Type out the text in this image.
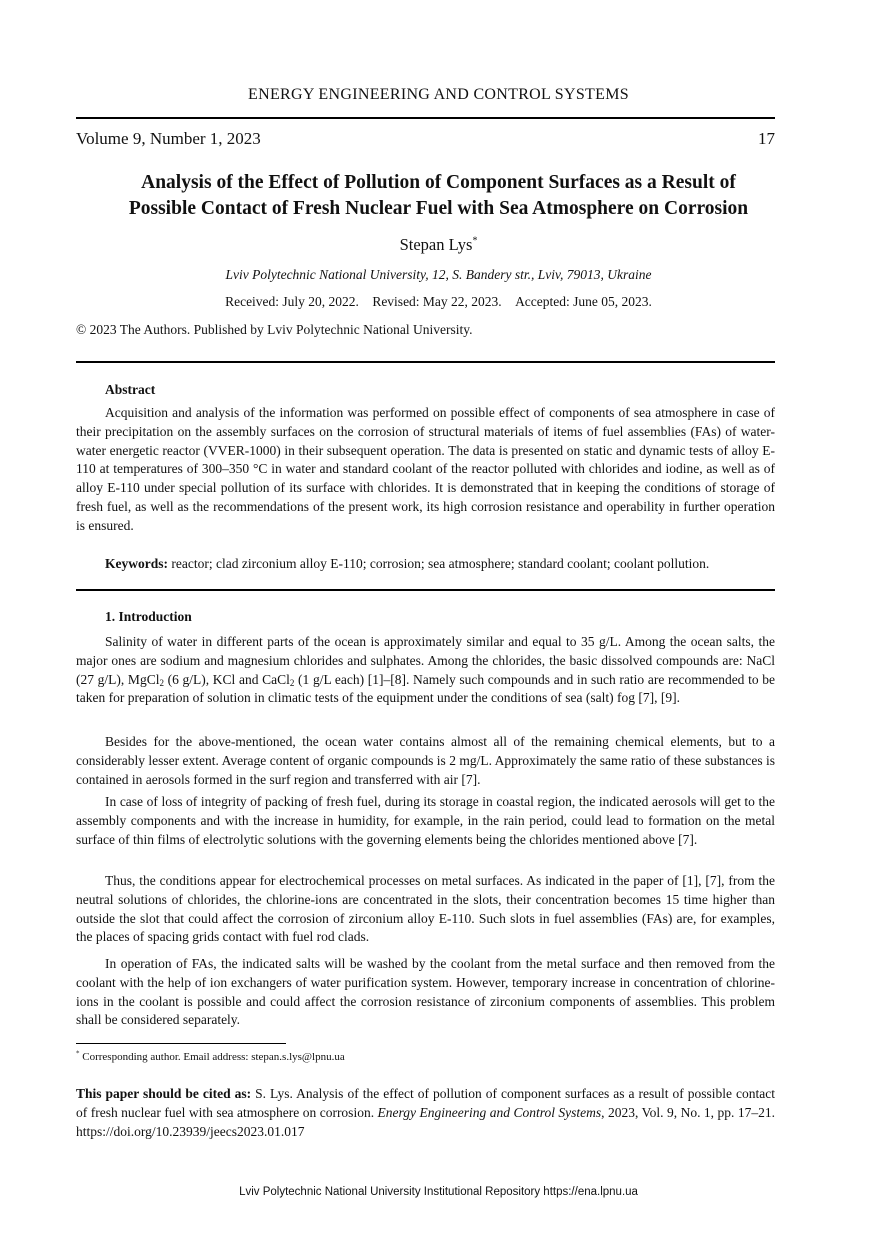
ENERGY ENGINEERING AND CONTROL SYSTEMS
Volume 9, Number 1, 2023	17
Analysis of the Effect of Pollution of Component Surfaces as a Result of
Possible Contact of Fresh Nuclear Fuel with Sea Atmosphere on Corrosion
Stepan Lys*
Lviv Polytechnic National University, 12, S. Bandery str., Lviv, 79013, Ukraine
Received: July 20, 2022. Revised: May 22, 2023. Accepted: June 05, 2023.
© 2023 The Authors. Published by Lviv Polytechnic National University.
Abstract
Acquisition and analysis of the information was performed on possible effect of components of sea atmosphere in case of their precipitation on the assembly surfaces on the corrosion of structural materials of items of fuel assemblies (FAs) of water-water energetic reactor (VVER-1000) in their subsequent operation. The data is presented on static and dynamic tests of alloy E-110 at temperatures of 300–350 °C in water and standard coolant of the reactor polluted with chlorides and iodine, as well as of alloy E-110 under special pollution of its surface with chlorides. It is demonstrated that in keeping the conditions of storage of fresh fuel, as well as the recommendations of the present work, its high corrosion resistance and operability in further operation is ensured.
Keywords: reactor; clad zirconium alloy E-110; corrosion; sea atmosphere; standard coolant; coolant pollution.
1. Introduction
Salinity of water in different parts of the ocean is approximately similar and equal to 35 g/L. Among the ocean salts, the major ones are sodium and magnesium chlorides and sulphates. Among the chlorides, the basic dissolved compounds are: NaCl (27 g/L), MgCl$_2$ (6 g/L), KCl and CaCl$_2$ (1 g/L each) [1]–[8]. Namely such compounds and in such ratio are recommended to be taken for preparation of solution in climatic tests of the equipment under the conditions of sea (salt) fog [7], [9].
Besides for the above-mentioned, the ocean water contains almost all of the remaining chemical elements, but to a considerably lesser extent. Average content of organic compounds is 2 mg/L. Approximately the same ratio of these substances is contained in aerosols formed in the surf region and transferred with air [7].
In case of loss of integrity of packing of fresh fuel, during its storage in coastal region, the indicated aerosols will get to the assembly components and with the increase in humidity, for example, in the rain period, could lead to formation on the metal surface of thin films of electrolytic solutions with the governing elements being the chlorides mentioned above [7].
Thus, the conditions appear for electrochemical processes on metal surfaces. As indicated in the paper of [1], [7], from the neutral solutions of chlorides, the chlorine-ions are concentrated in the slots, their concentration becomes 15 time higher than outside the slot that could affect the corrosion of zirconium alloy E-110. Such slots in fuel assemblies (FAs) are, for examples, the places of spacing grids contact with fuel rod clads.
In operation of FAs, the indicated salts will be washed by the coolant from the metal surface and then removed from the coolant with the help of ion exchangers of water purification system. However, temporary increase in concentration of chlorine-ions in the coolant is possible and could affect the corrosion resistance of zirconium components of assemblies. This problem shall be considered separately.
* Corresponding author. Email address: stepan.s.lys@lpnu.ua
This paper should be cited as: S. Lys. Analysis of the effect of pollution of component surfaces as a result of possible contact of fresh nuclear fuel with sea atmosphere on corrosion. Energy Engineering and Control Systems, 2023, Vol. 9, No. 1, pp. 17–21. https://doi.org/10.23939/jeecs2023.01.017
Lviv Polytechnic National University Institutional Repository https://ena.lpnu.ua
